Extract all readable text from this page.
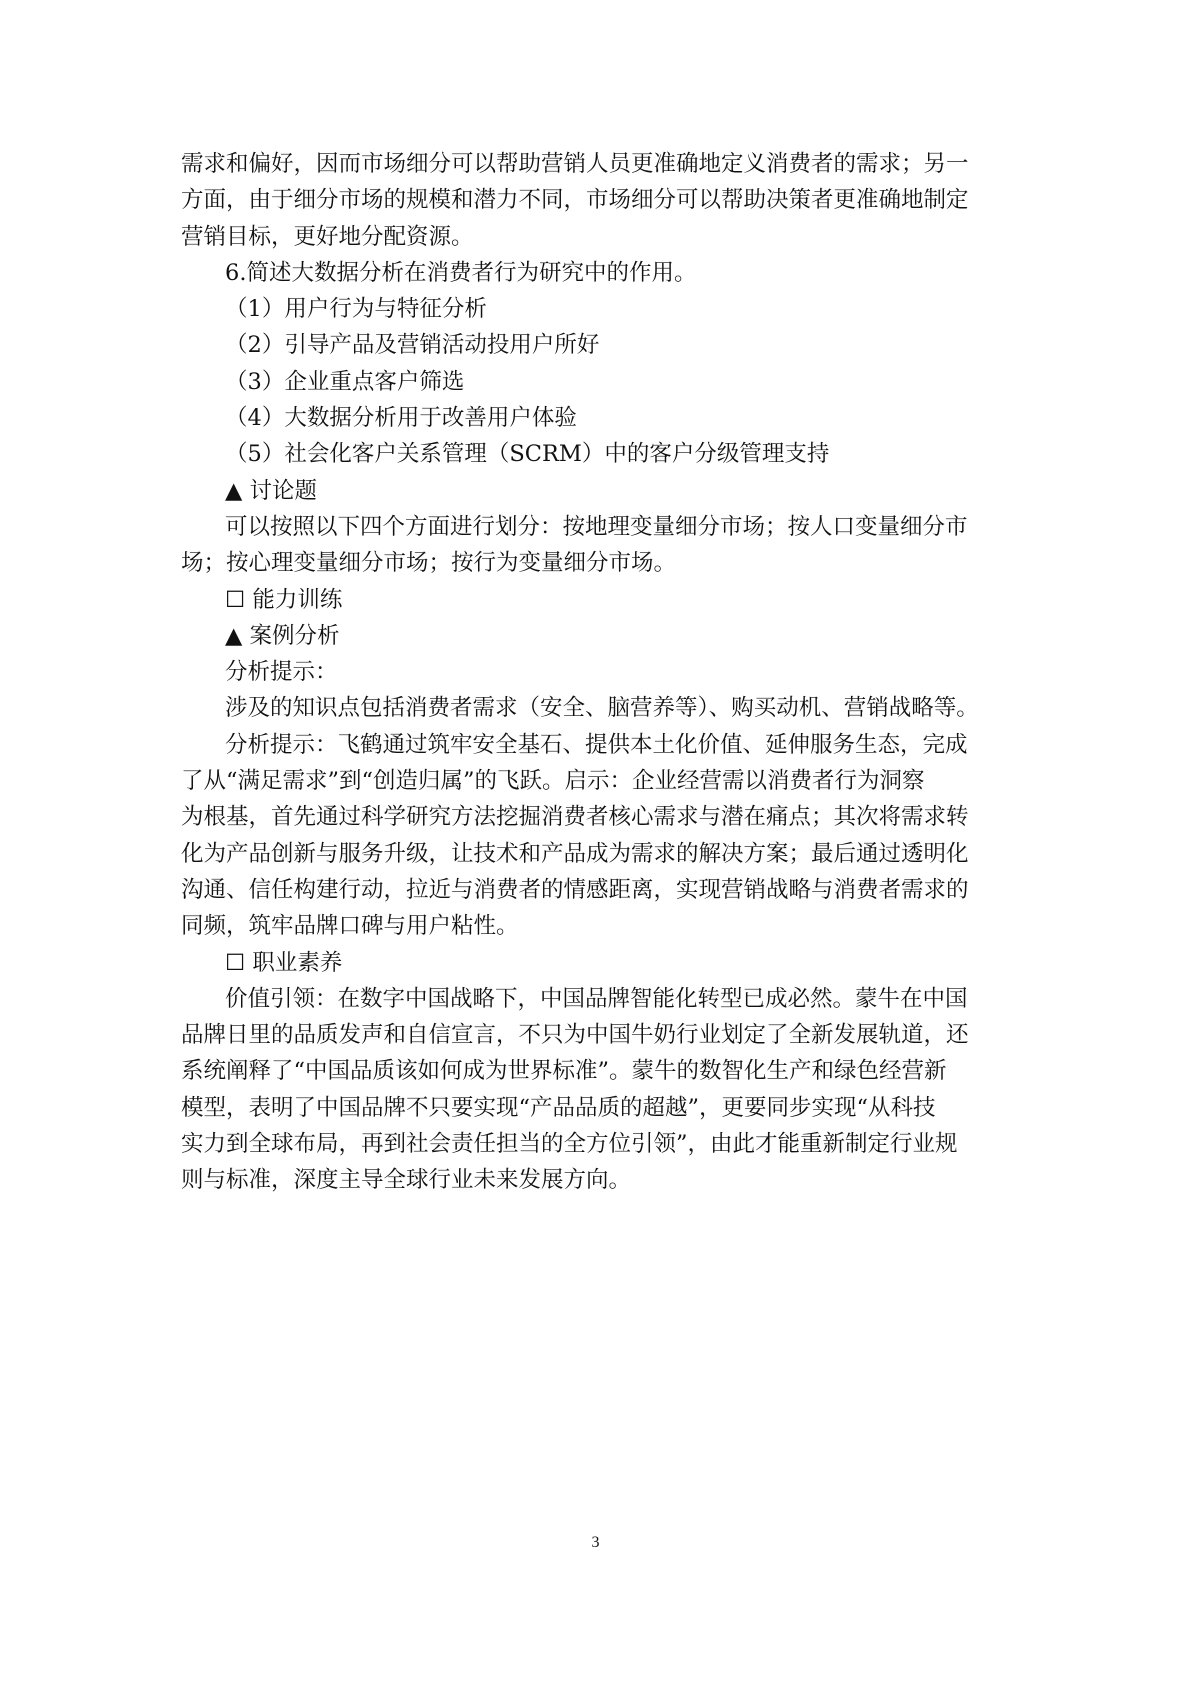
需求和偏好，因而市场细分可以帮助营销人员更准确地定义消费者的需求；另一

方面，由于细分市场的规模和潜力不同，市场细分可以帮助决策者更准确地制定

营销目标，更好地分配资源。

6.简述大数据分析在消费者行为研究中的作用。

（1）用户行为与特征分析

（2）引导产品及营销活动投用户所好

（3）企业重点客户筛选

（4）大数据分析用于改善用户体验

（5）社会化客户关系管理（SCRM）中的客户分级管理支持

▲ 讨论题

可以按照以下四个方面进行划分：按地理变量细分市场；按人口变量细分市

场；按心理变量细分市场；按行为变量细分市场。

☐ 能力训练

▲ 案例分析

分析提示：

涉及的知识点包括消费者需求（安全、脑营养等）、购买动机、营销战略等。

分析提示：飞鹤通过筑牢安全基石、提供本土化价值、延伸服务生态，完成

了从“满足需求”到“创造归属”的飞跃。启示：企业经营需以消费者行为洞察

为根基，首先通过科学研究方法挖掘消费者核心需求与潜在痛点；其次将需求转

化为产品创新与服务升级，让技术和产品成为需求的解决方案；最后通过透明化

沟通、信任构建行动，拉近与消费者的情感距离，实现营销战略与消费者需求的

同频，筑牢品牌口碑与用户粘性。

☐ 职业素养

价值引领：在数字中国战略下，中国品牌智能化转型已成必然。蒙牛在中国

品牌日里的品质发声和自信宣言，不只为中国牛奶行业划定了全新发展轨道，还

系统阐释了“中国品质该如何成为世界标准”。蒙牛的数智化生产和绿色经营新

模型，表明了中国品牌不只要实现“产品品质的超越”，更要同步实现“从科技

实力到全球布局，再到社会责任担当的全方位引领”，由此才能重新制定行业规

则与标准，深度主导全球行业未来发展方向。

3
